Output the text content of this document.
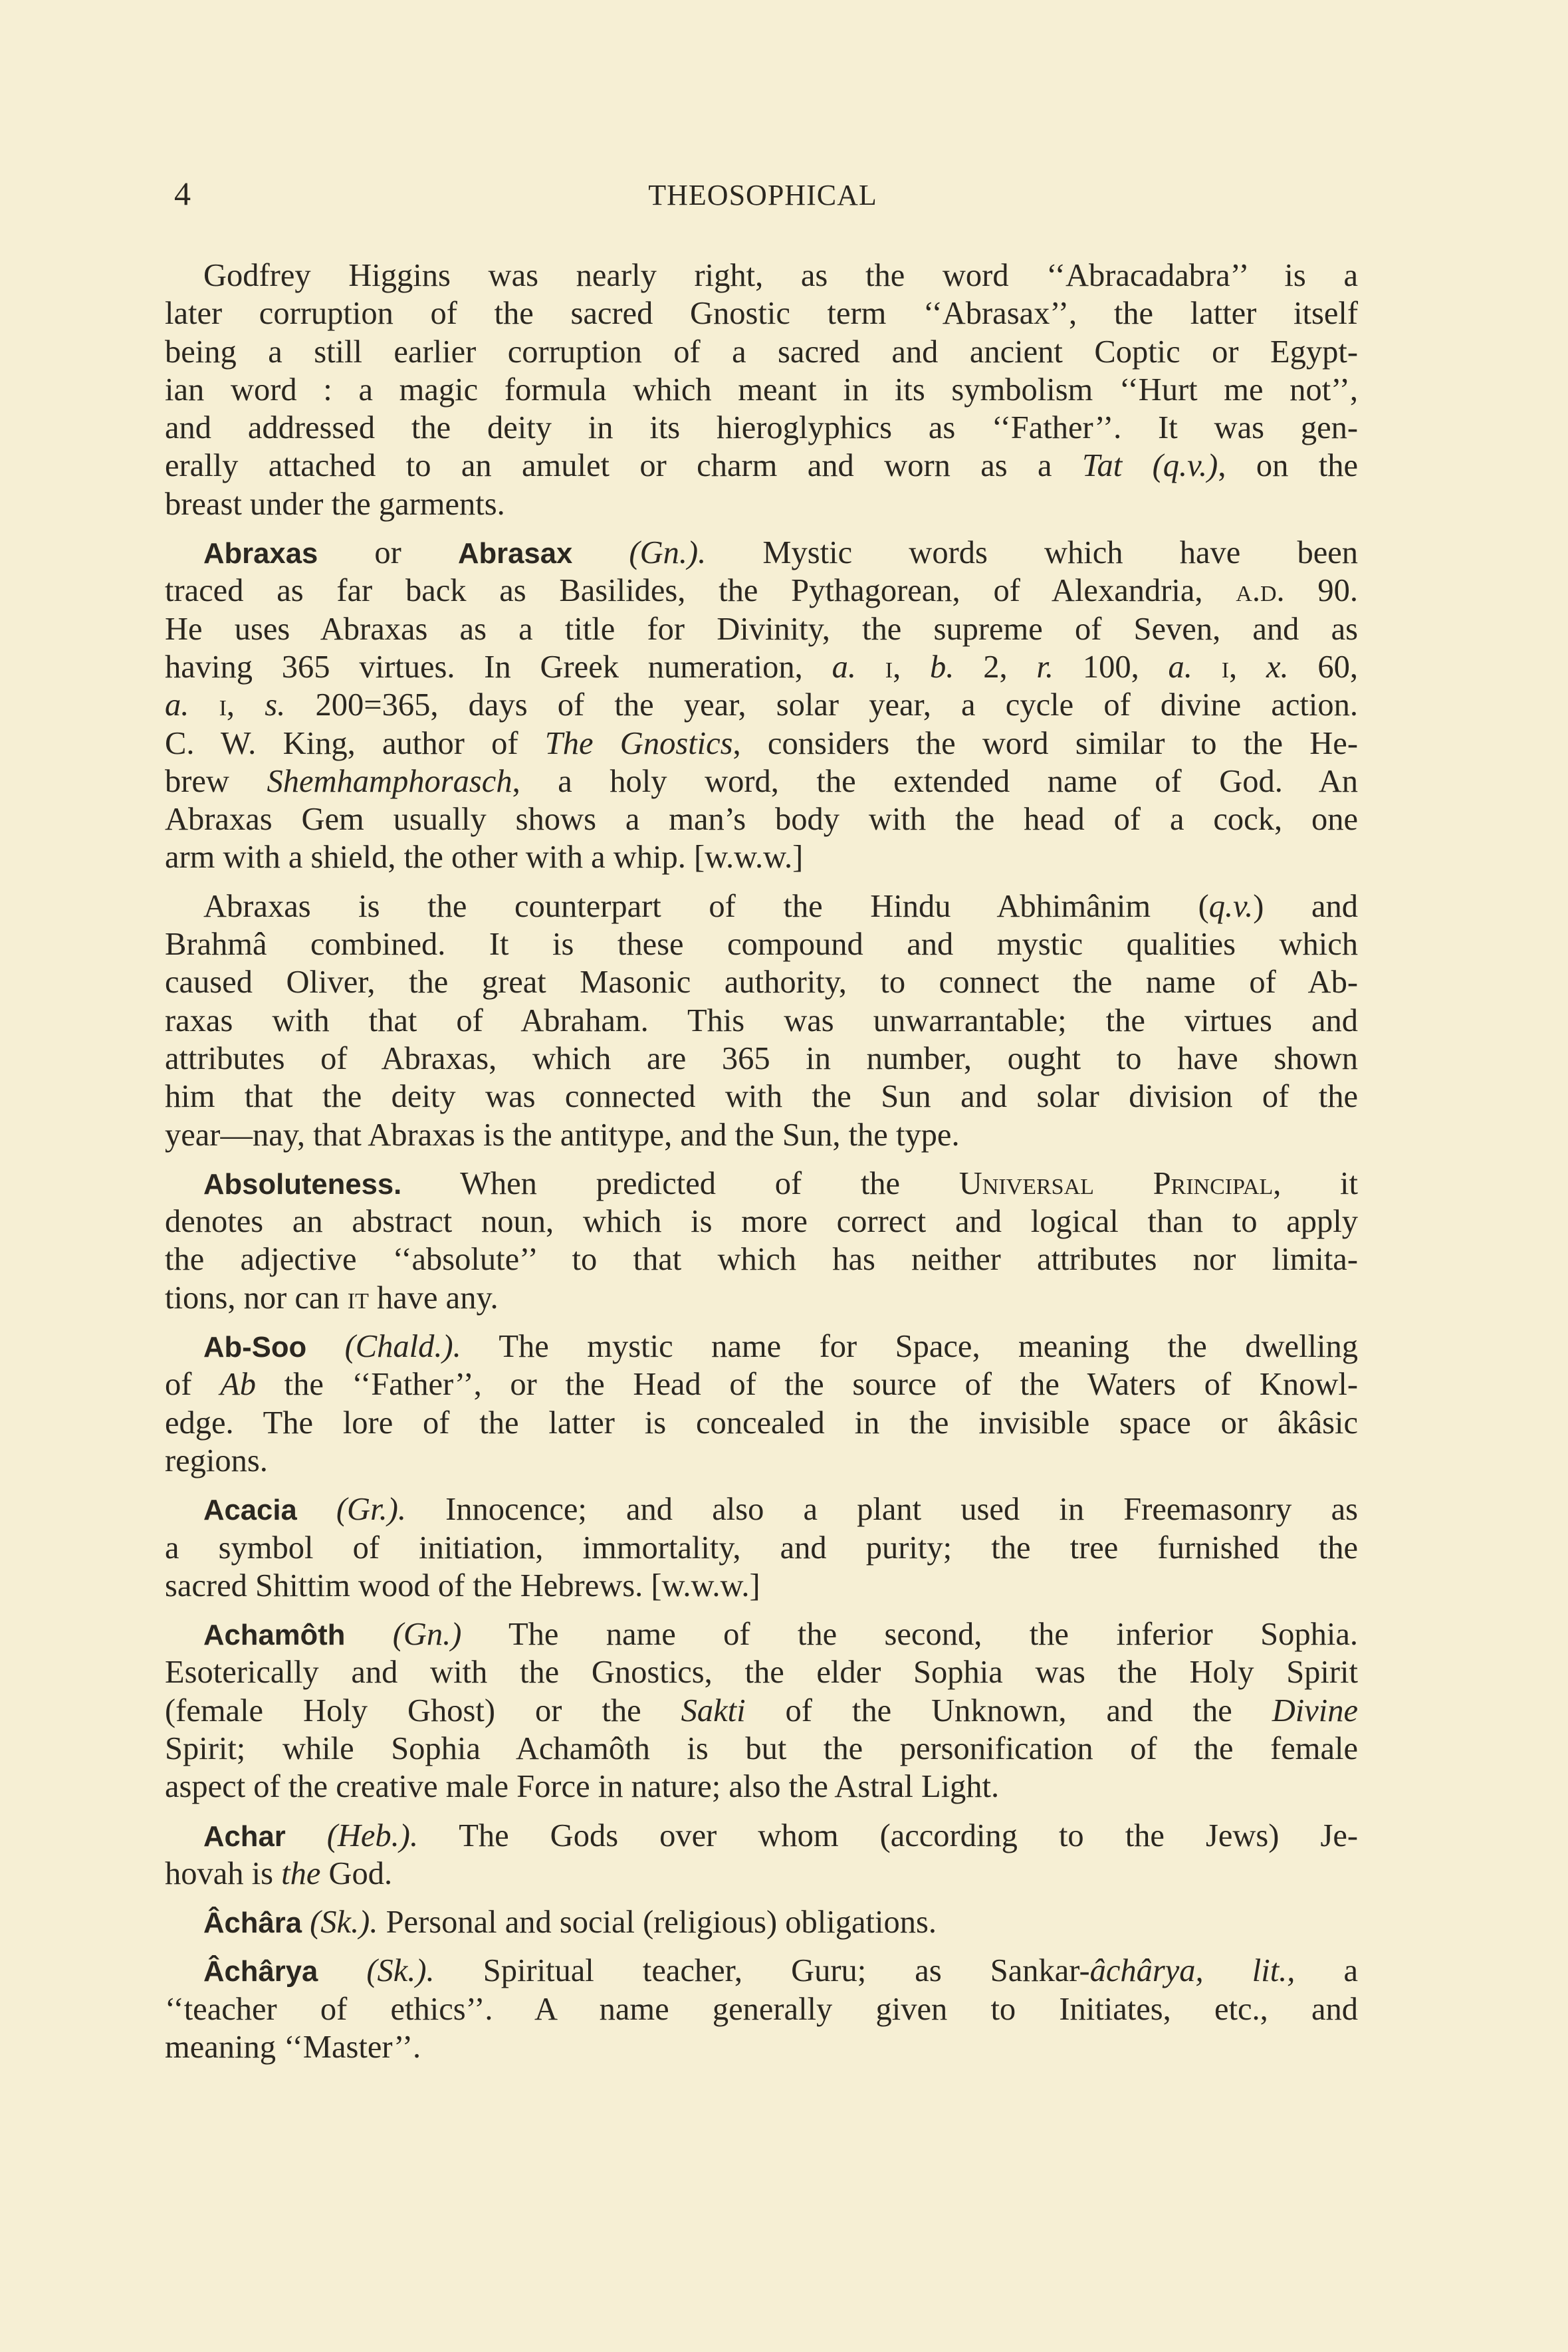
4	THEOSOPHICAL
Godfrey Higgins was nearly right, as the word ‘‘Abracadabra’’ is a
later corruption of the sacred Gnostic term ‘‘Abrasax’’, the latter itself
being a still earlier corruption of a sacred and ancient Coptic or Egypt-
ian word : a magic formula which meant in its symbolism ‘‘Hurt me not’’,
and addressed the deity in its hieroglyphics as ‘‘Father’’. It was gen-
erally attached to an amulet or charm and worn as a Tat (q.v.), on the
breast under the garments.
Abraxas or Abrasax (Gn.). Mystic words which have been
traced as far back as Basilides, the Pythagorean, of Alexandria, a.d. 90.
He uses Abraxas as a title for Divinity, the supreme of Seven, and as
having 365 virtues. In Greek numeration, a. i, b. 2, r. 100, a. i, x. 60,
a. i, s. 200=365, days of the year, solar year, a cycle of divine action.
C. W. King, author of The Gnostics, considers the word similar to the He-
brew Shemhamphorasch, a holy word, the extended name of God. An
Abraxas Gem usually shows a man’s body with the head of a cock, one
arm with a shield, the other with a whip. [w.w.w.]
Abraxas is the counterpart of the Hindu Abhimânim (q.v.) and
Brahmâ combined. It is these compound and mystic qualities which
caused Oliver, the great Masonic authority, to connect the name of Ab-
raxas with that of Abraham. This was unwarrantable; the virtues and
attributes of Abraxas, which are 365 in number, ought to have shown
him that the deity was connected with the Sun and solar division of the
year—nay, that Abraxas is the antitype, and the Sun, the type.
Absoluteness. When predicted of the Universal Principal, it
denotes an abstract noun, which is more correct and logical than to apply
the adjective ‘‘absolute’’ to that which has neither attributes nor limita-
tions, nor can it have any.
Ab-Soo (Chald.). The mystic name for Space, meaning the dwelling
of Ab the ‘‘Father’’, or the Head of the source of the Waters of Knowl-
edge. The lore of the latter is concealed in the invisible space or âkâsic
regions.
Acacia (Gr.). Innocence; and also a plant used in Freemasonry as
a symbol of initiation, immortality, and purity; the tree furnished the
sacred Shittim wood of the Hebrews. [w.w.w.]
Achamôth (Gn.) The name of the second, the inferior Sophia.
Esoterically and with the Gnostics, the elder Sophia was the Holy Spirit
(female Holy Ghost) or the Sakti of the Unknown, and the Divine
Spirit; while Sophia Achamôth is but the personification of the female
aspect of the creative male Force in nature; also the Astral Light.
Achar (Heb.). The Gods over whom (according to the Jews) Je-
hovah is the God.
Âchâra (Sk.). Personal and social (religious) obligations.
Âchârya (Sk.). Spiritual teacher, Guru; as Sankar-âchârya, lit., a
‘‘teacher of ethics’’. A name generally given to Initiates, etc., and
meaning ‘‘Master’’.
